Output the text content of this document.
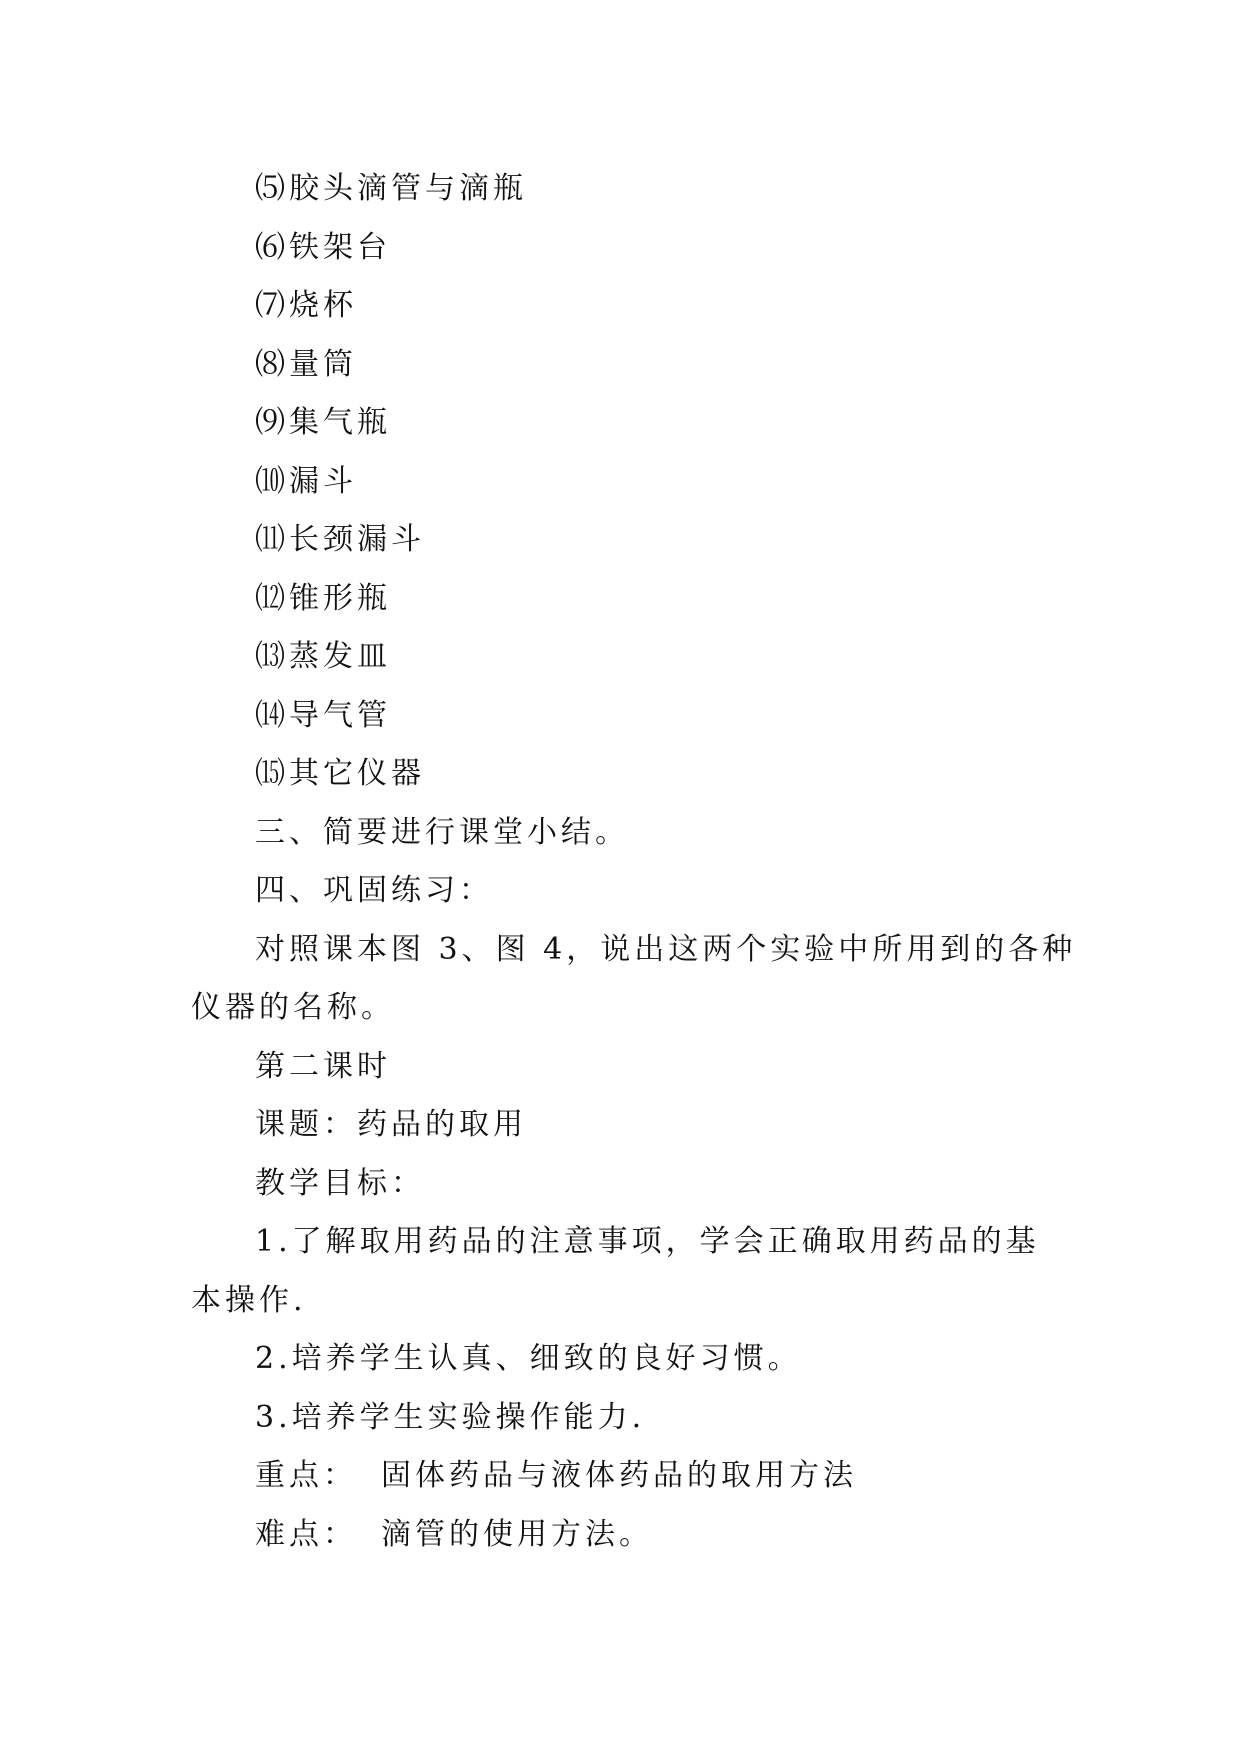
⑸胶头滴管与滴瓶

⑹铁架台

⑺烧杯

⑻量筒

⑼集气瓶

⑽漏斗

⑾长颈漏斗

⑿锥形瓶

⒀蒸发皿

⒁导气管

⒂其它仪器

三、简要进行课堂小结。

四、巩固练习：

对照课本图 3、图 4，说出这两个实验中所用到的各种

仪器的名称。

第二课时

课题：药品的取用

教学目标：

1.了解取用药品的注意事项，学会正确取用药品的基

本操作.

2.培养学生认真、细致的良好习惯。

3.培养学生实验操作能力.

重点： 固体药品与液体药品的取用方法

难点： 滴管的使用方法。
